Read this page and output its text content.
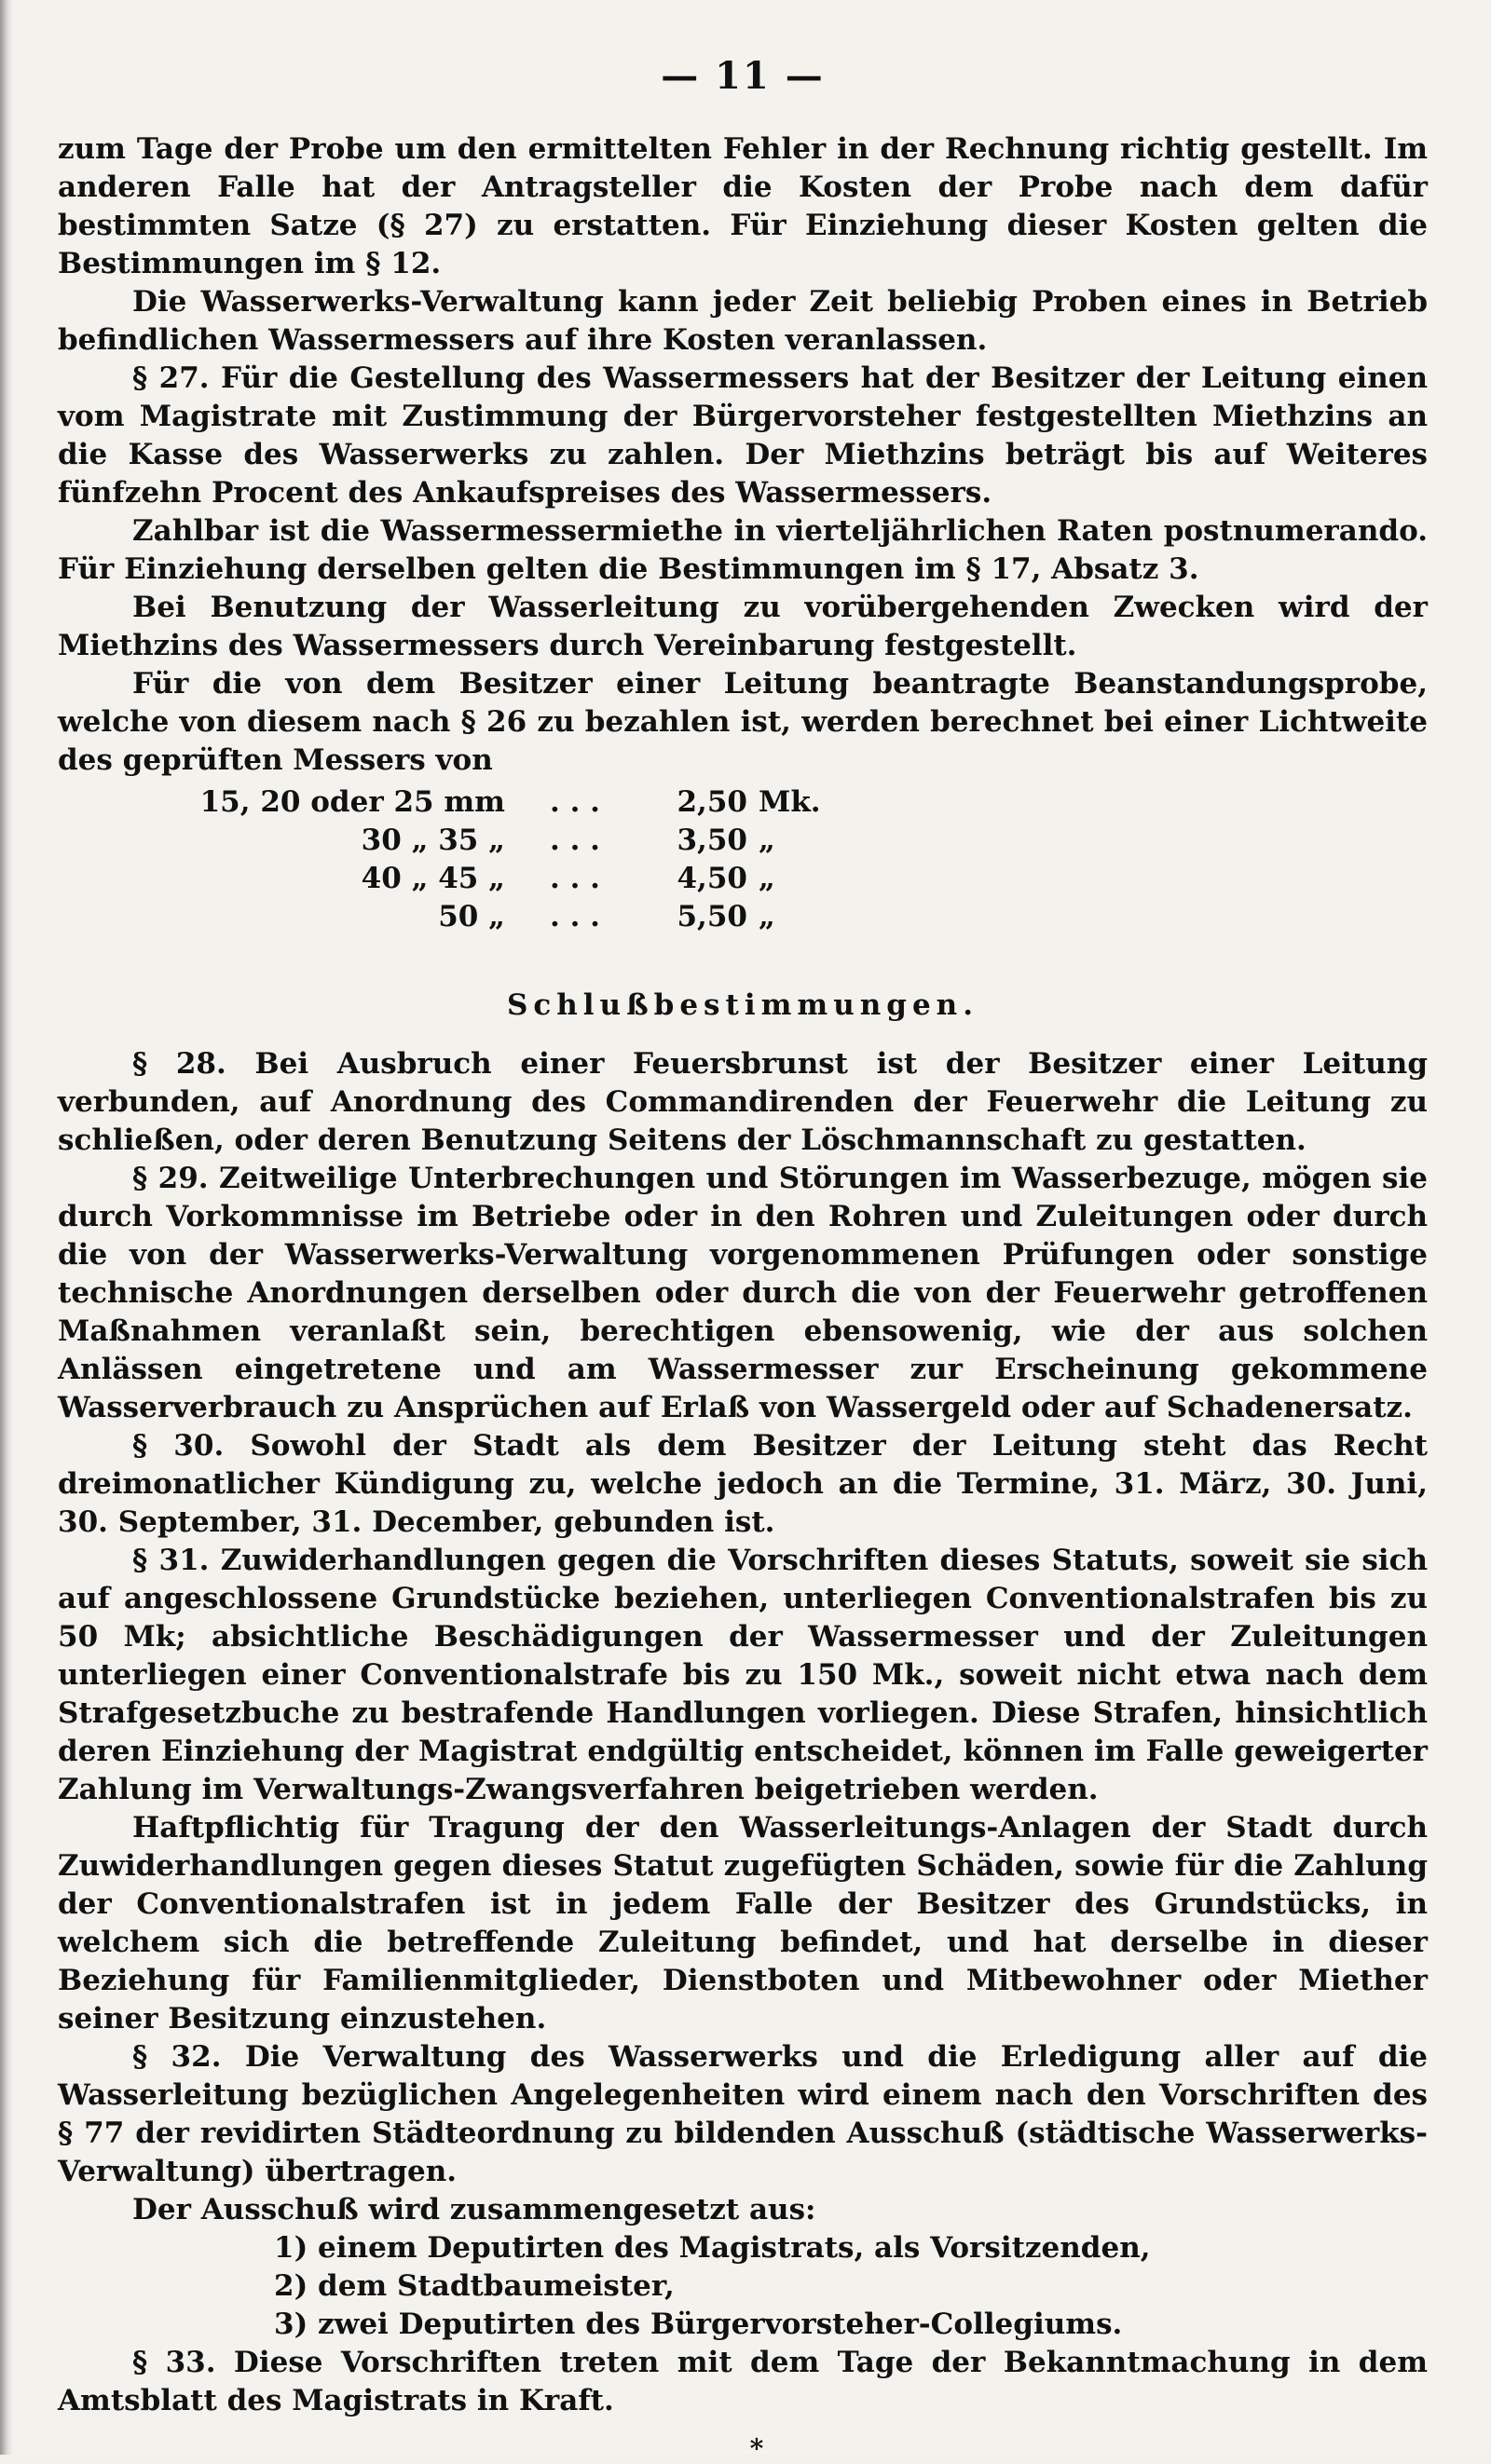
— 11 —

zum Tage der Probe um den ermittelten Fehler in der Rechnung richtig gestellt. Im anderen Falle hat der Antragsteller die Kosten der Probe nach dem dafür bestimmten Satze (§ 27) zu erstatten. Für Einziehung dieser Kosten gelten die Bestimmungen im § 12.

Die Wasserwerks-Verwaltung kann jeder Zeit beliebig Proben eines in Betrieb befindlichen Wassermessers auf ihre Kosten veranlassen.

§ 27. Für die Gestellung des Wassermessers hat der Besitzer der Leitung einen vom Magistrate mit Zustimmung der Bürgervorsteher festgestellten Miethzins an die Kasse des Wasserwerks zu zahlen. Der Miethzins beträgt bis auf Weiteres fünfzehn Procent des Ankaufspreises des Wassermessers.

Zahlbar ist die Wassermessermiethe in vierteljährlichen Raten postnumerando. Für Einziehung derselben gelten die Bestimmungen im § 17, Absatz 3.

Bei Benutzung der Wasserleitung zu vorübergehenden Zwecken wird der Miethzins des Wassermessers durch Vereinbarung festgestellt.

Für die von dem Besitzer einer Leitung beantragte Beanstandungsprobe, welche von diesem nach § 26 zu bezahlen ist, werden berechnet bei einer Lichtweite des geprüften Messers von

15, 20 oder 25 mm	. . .	2,50 Mk.
30 „ 35 „	. . .	3,50 „
40 „ 45 „	. . .	4,50 „
50 „	. . .	5,50 „
Schlußbestimmungen.

§ 28. Bei Ausbruch einer Feuersbrunst ist der Besitzer einer Leitung verbunden, auf Anordnung des Commandirenden der Feuerwehr die Leitung zu schließen, oder deren Benutzung Seitens der Löschmannschaft zu gestatten.

§ 29. Zeitweilige Unterbrechungen und Störungen im Wasserbezuge, mögen sie durch Vorkommnisse im Betriebe oder in den Rohren und Zuleitungen oder durch die von der Wasserwerks-Verwaltung vorgenommenen Prüfungen oder sonstige technische Anordnungen derselben oder durch die von der Feuerwehr getroffenen Maßnahmen veranlaßt sein, berechtigen ebensowenig, wie der aus solchen Anlässen eingetretene und am Wassermesser zur Erscheinung gekommene Wasserverbrauch zu Ansprüchen auf Erlaß von Wassergeld oder auf Schadenersatz.

§ 30. Sowohl der Stadt als dem Besitzer der Leitung steht das Recht dreimonatlicher Kündigung zu, welche jedoch an die Termine, 31. März, 30. Juni, 30. September, 31. December, gebunden ist.

§ 31. Zuwiderhandlungen gegen die Vorschriften dieses Statuts, soweit sie sich auf angeschlossene Grundstücke beziehen, unterliegen Conventionalstrafen bis zu 50 Mk; absichtliche Beschädigungen der Wassermesser und der Zuleitungen unterliegen einer Conventionalstrafe bis zu 150 Mk., soweit nicht etwa nach dem Strafgesetzbuche zu bestrafende Handlungen vorliegen. Diese Strafen, hinsichtlich deren Einziehung der Magistrat endgültig entscheidet, können im Falle geweigerter Zahlung im Verwaltungs-Zwangsverfahren beigetrieben werden.

Haftpflichtig für Tragung der den Wasserleitungs-Anlagen der Stadt durch Zuwiderhandlungen gegen dieses Statut zugefügten Schäden, sowie für die Zahlung der Conventionalstrafen ist in jedem Falle der Besitzer des Grundstücks, in welchem sich die betreffende Zuleitung befindet, und hat derselbe in dieser Beziehung für Familienmitglieder, Dienstboten und Mitbewohner oder Miether seiner Besitzung einzustehen.

§ 32. Die Verwaltung des Wasserwerks und die Erledigung aller auf die Wasserleitung bezüglichen Angelegenheiten wird einem nach den Vorschriften des § 77 der revidirten Städteordnung zu bildenden Ausschuß (städtische Wasserwerks-Verwaltung) übertragen.

Der Ausschuß wird zusammengesetzt aus:

1) einem Deputirten des Magistrats, als Vorsitzenden,
2) dem Stadtbaumeister,
3) zwei Deputirten des Bürgervorsteher-Collegiums.

§ 33. Diese Vorschriften treten mit dem Tage der Bekanntmachung in dem Amtsblatt des Magistrats in Kraft.

*
